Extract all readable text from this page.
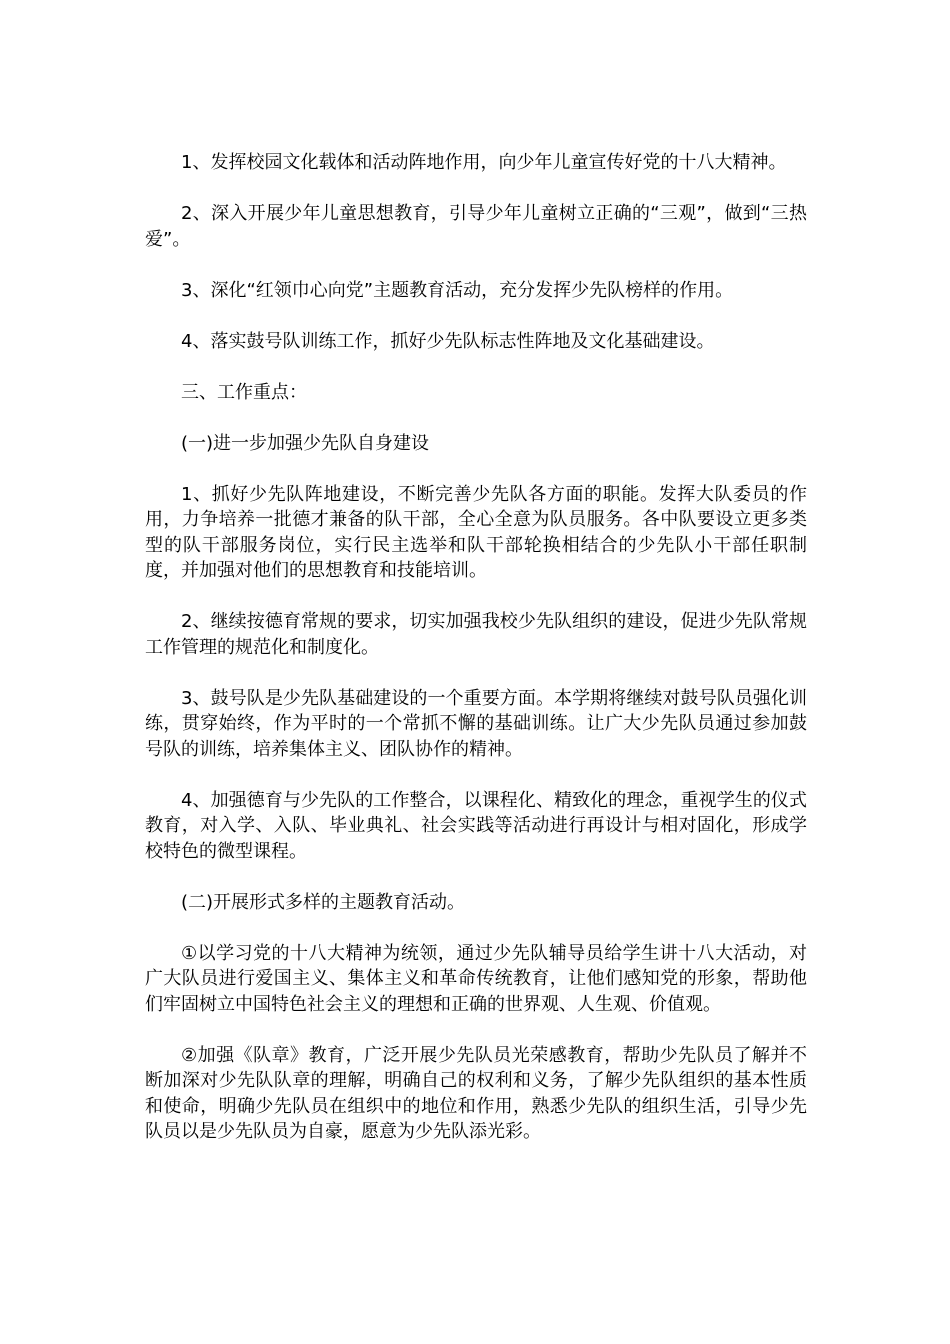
1、发挥校园文化载体和活动阵地作用，向少年儿童宣传好党的十八大精神。

2、深入开展少年儿童思想教育，引导少年儿童树立正确的“三观”，做到“三热爱”。

3、深化“红领巾心向党”主题教育活动，充分发挥少先队榜样的作用。

4、落实鼓号队训练工作，抓好少先队标志性阵地及文化基础建设。

三、工作重点：

(一)进一步加强少先队自身建设

1、抓好少先队阵地建设，不断完善少先队各方面的职能。发挥大队委员的作用，力争培养一批德才兼备的队干部，全心全意为队员服务。各中队要设立更多类型的队干部服务岗位，实行民主选举和队干部轮换相结合的少先队小干部任职制度，并加强对他们的思想教育和技能培训。

2、继续按德育常规的要求，切实加强我校少先队组织的建设，促进少先队常规工作管理的规范化和制度化。

3、鼓号队是少先队基础建设的一个重要方面。本学期将继续对鼓号队员强化训练，贯穿始终，作为平时的一个常抓不懈的基础训练。让广大少先队员通过参加鼓号队的训练，培养集体主义、团队协作的精神。

4、加强德育与少先队的工作整合，以课程化、精致化的理念，重视学生的仪式教育，对入学、入队、毕业典礼、社会实践等活动进行再设计与相对固化，形成学校特色的微型课程。

(二)开展形式多样的主题教育活动。

①以学习党的十八大精神为统领，通过少先队辅导员给学生讲十八大活动，对广大队员进行爱国主义、集体主义和革命传统教育，让他们感知党的形象，帮助他们牢固树立中国特色社会主义的理想和正确的世界观、人生观、价值观。

②加强《队章》教育，广泛开展少先队员光荣感教育，帮助少先队员了解并不断加深对少先队队章的理解，明确自己的权利和义务，了解少先队组织的基本性质和使命，明确少先队员在组织中的地位和作用，熟悉少先队的组织生活，引导少先队员以是少先队员为自豪，愿意为少先队添光彩。
